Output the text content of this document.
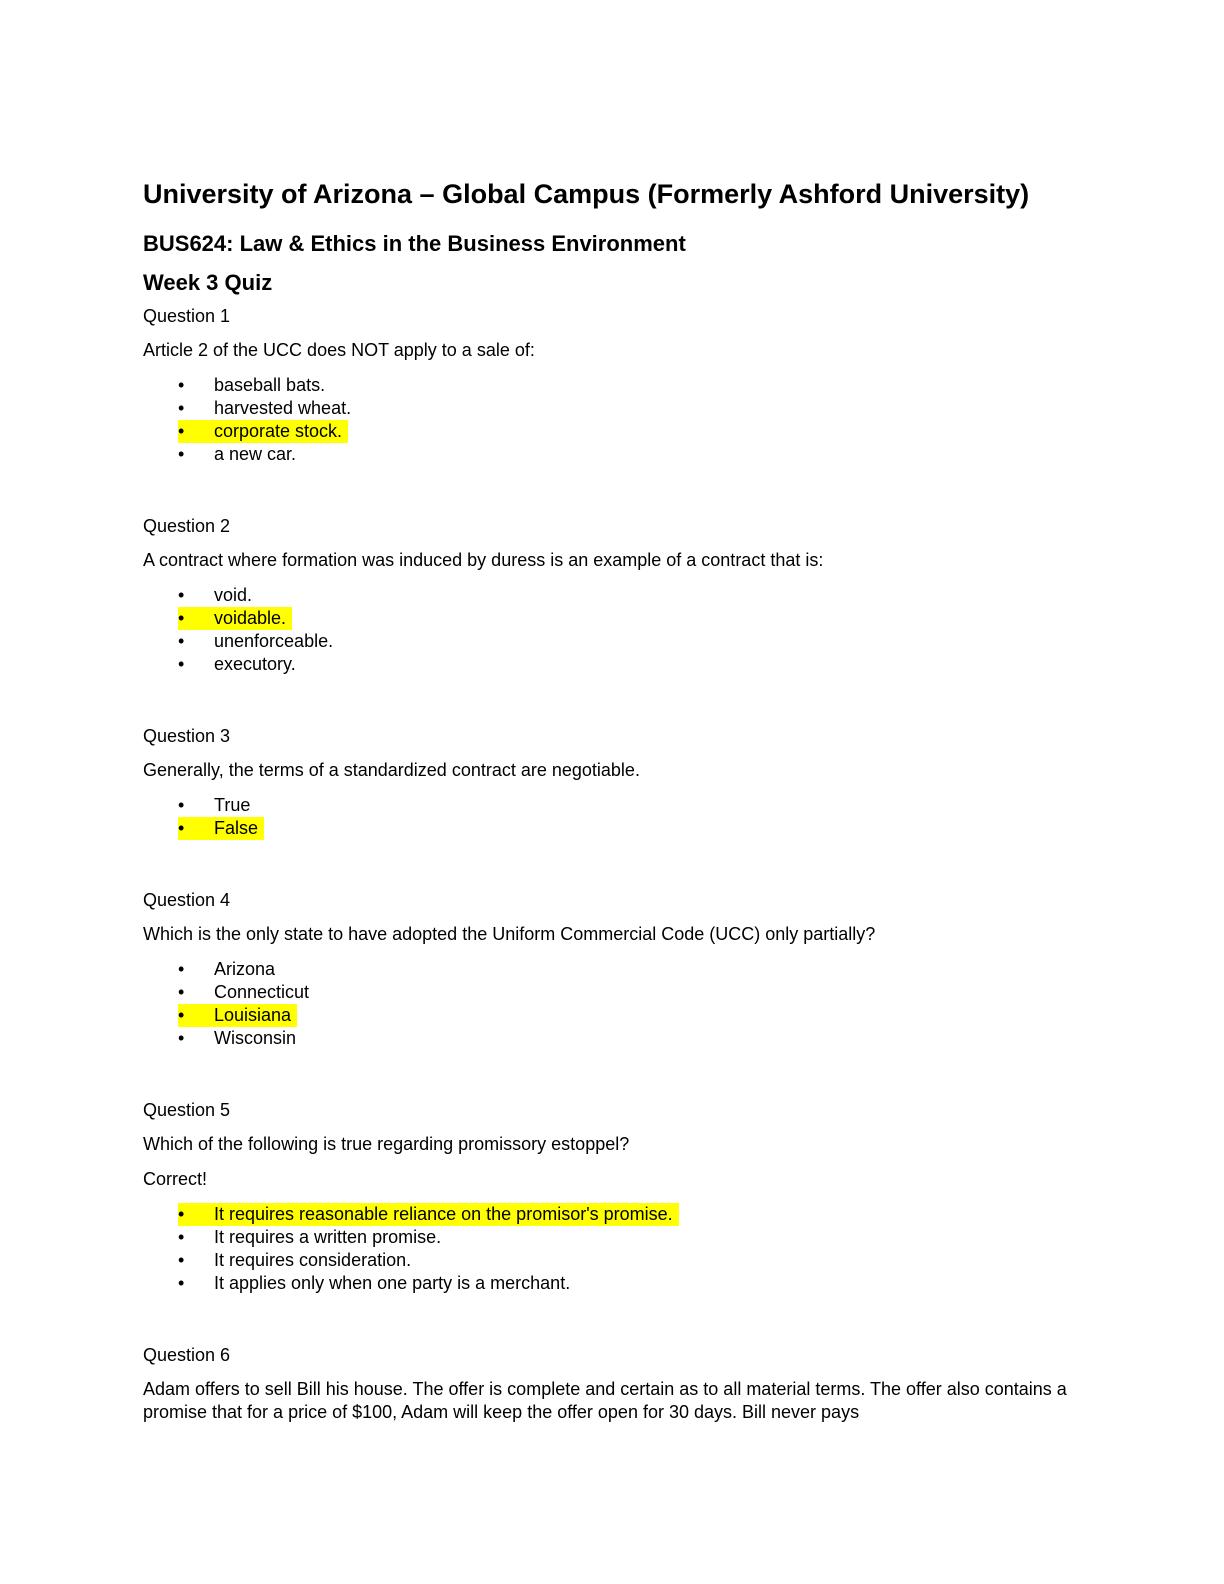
University of Arizona – Global Campus (Formerly Ashford University)
BUS624: Law & Ethics in the Business Environment
Week 3 Quiz
Question 1
Article 2 of the UCC does NOT apply to a sale of:
• baseball bats.
• harvested wheat.
• corporate stock.
• a new car.
Question 2
A contract where formation was induced by duress is an example of a contract that is:
• void.
• voidable.
• unenforceable.
• executory.
Question 3
Generally, the terms of a standardized contract are negotiable.
• True
• False
Question 4
Which is the only state to have adopted the Uniform Commercial Code (UCC) only partially?
• Arizona
• Connecticut
• Louisiana
• Wisconsin
Question 5
Which of the following is true regarding promissory estoppel?
Correct!
• It requires reasonable reliance on the promisor's promise.
• It requires a written promise.
• It requires consideration.
• It applies only when one party is a merchant.
Question 6
Adam offers to sell Bill his house. The offer is complete and certain as to all material terms. The offer also contains a promise that for a price of $100, Adam will keep the offer open for 30 days. Bill never pays
